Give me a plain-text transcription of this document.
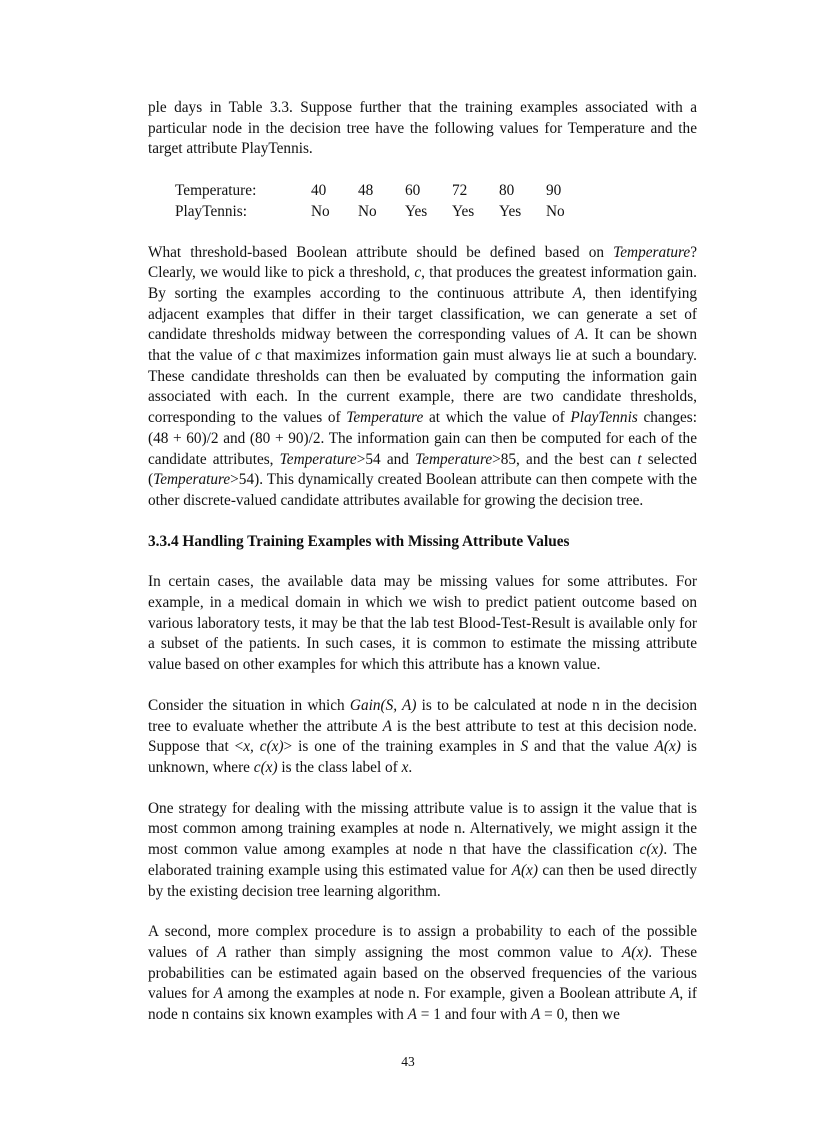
ple days in Table 3.3. Suppose further that the training examples associated with a particular node in the decision tree have the following values for Temperature and the target attribute PlayTennis.

Temperature:	40	48	60	72	80	90
PlayTennis:	No	No	Yes	Yes	Yes	No

What threshold-based Boolean attribute should be defined based on Temperature? Clearly, we would like to pick a threshold, c, that produces the greatest information gain. By sorting the examples according to the continuous attribute A, then identifying adjacent examples that differ in their target classification, we can generate a set of candidate thresholds midway between the corresponding values of A. It can be shown that the value of c that maximizes information gain must always lie at such a boundary. These candidate thresholds can then be evaluated by computing the information gain associated with each. In the current example, there are two candidate thresholds, corresponding to the values of Temperature at which the value of PlayTennis changes: (48 + 60)/2 and (80 + 90)/2. The information gain can then be computed for each of the candidate attributes, Temperature>54 and Temperature>85, and the best can t selected (Temperature>54). This dynamically created Boolean attribute can then compete with the other discrete-valued candidate attributes available for growing the decision tree.

3.3.4 Handling Training Examples with Missing Attribute Values

In certain cases, the available data may be missing values for some attributes. For example, in a medical domain in which we wish to predict patient outcome based on various laboratory tests, it may be that the lab test Blood-Test-Result is available only for a subset of the patients. In such cases, it is common to estimate the missing attribute value based on other examples for which this attribute has a known value.

Consider the situation in which Gain(S, A) is to be calculated at node n in the decision tree to evaluate whether the attribute A is the best attribute to test at this decision node. Suppose that <x, c(x)> is one of the training examples in S and that the value A(x) is unknown, where c(x) is the class label of x.

One strategy for dealing with the missing attribute value is to assign it the value that is most common among training examples at node n. Alternatively, we might assign it the most common value among examples at node n that have the classification c(x). The elaborated training example using this estimated value for A(x) can then be used directly by the existing decision tree learning algorithm.

A second, more complex procedure is to assign a probability to each of the possible values of A rather than simply assigning the most common value to A(x). These probabilities can be estimated again based on the observed frequencies of the various values for A among the examples at node n. For example, given a Boolean attribute A, if node n contains six known examples with A = 1 and four with A = 0, then we

43
